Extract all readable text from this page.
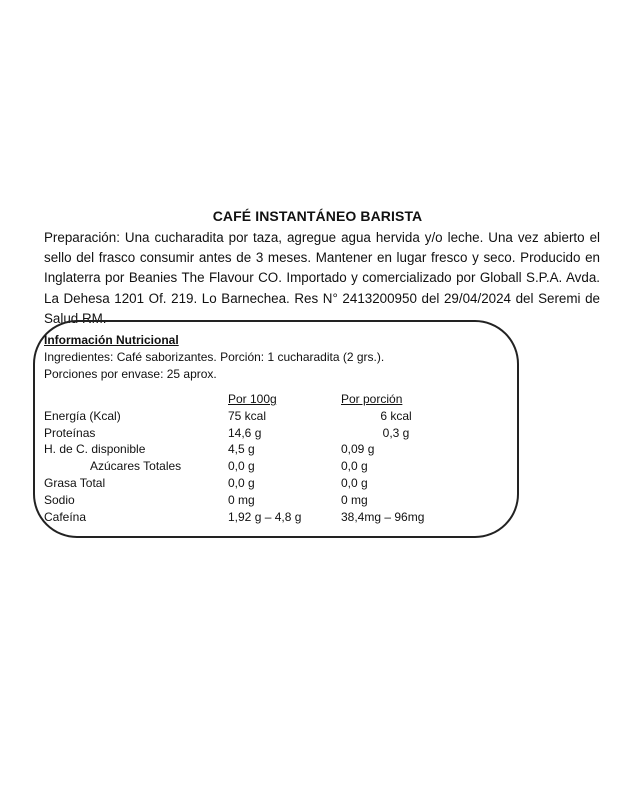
CAFÉ INSTANTÁNEO BARISTA
Preparación: Una cucharadita por taza, agregue agua hervida y/o leche. Una vez abierto el sello del frasco consumir antes de 3 meses. Mantener en lugar fresco y seco. Producido en Inglaterra por Beanies The Flavour CO. Importado y comercializado por Globall S.P.A. Avda. La Dehesa 1201 Of. 219. Lo Barnechea. Res N° 2413200950 del 29/04/2024 del Seremi de Salud RM.
Información Nutricional
Ingredientes: Café saborizantes. Porción: 1 cucharadita (2 grs.).
Porciones por envase: 25 aprox.
	Por 100g	Por porción
Energía (Kcal)	75 kcal	6 kcal
Proteínas	14,6 g	0,3 g
H. de C. disponible	4,5 g	0,09 g
Azúcares Totales	0,0 g	0,0 g
Grasa Total	0,0 g	0,0 g
Sodio	0 mg	0 mg
Cafeína	1,92 g – 4,8 g	38,4mg – 96mg
